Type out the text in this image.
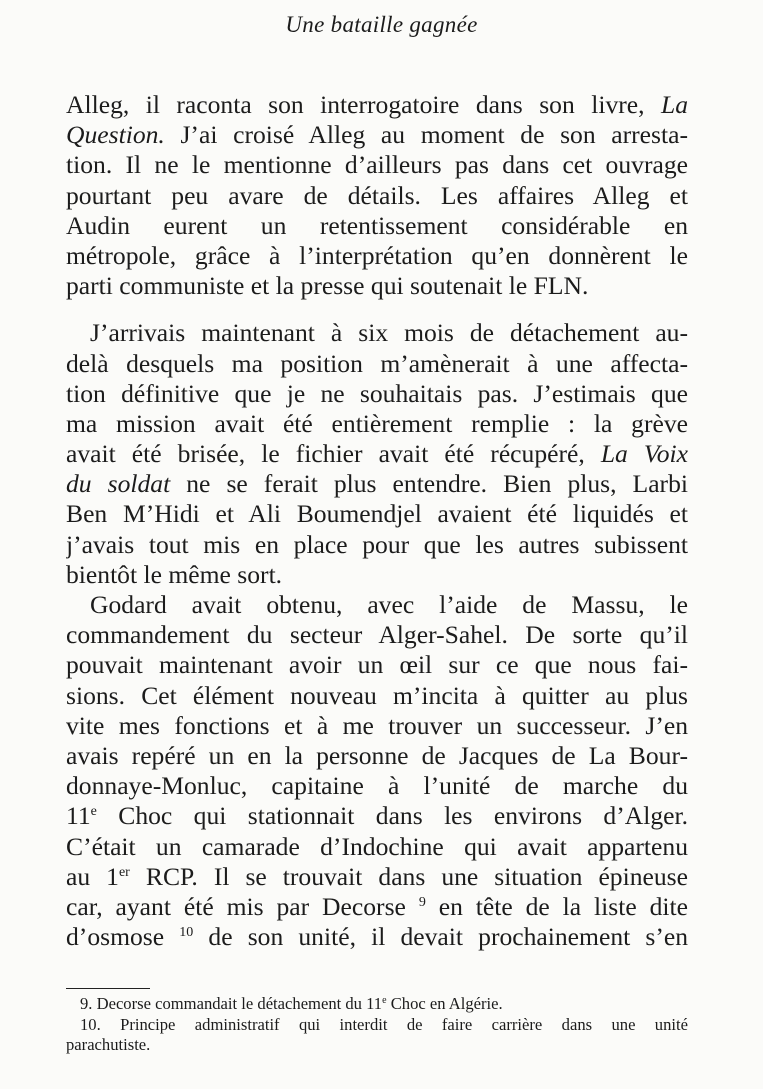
Une bataille gagnée
Alleg, il raconta son interrogatoire dans son livre, La
Question. J’ai croisé Alleg au moment de son arresta-
tion. Il ne le mentionne d’ailleurs pas dans cet ouvrage
pourtant peu avare de détails. Les affaires Alleg et
Audin eurent un retentissement considérable en
métropole, grâce à l’interprétation qu’en donnèrent le
parti communiste et la presse qui soutenait le FLN.
J’arrivais maintenant à six mois de détachement au-
delà desquels ma position m’amènerait à une affecta-
tion définitive que je ne souhaitais pas. J’estimais que
ma mission avait été entièrement remplie : la grève
avait été brisée, le fichier avait été récupéré, La Voix
du soldat ne se ferait plus entendre. Bien plus, Larbi
Ben M’Hidi et Ali Boumendjel avaient été liquidés et
j’avais tout mis en place pour que les autres subissent
bientôt le même sort.
Godard avait obtenu, avec l’aide de Massu, le
commandement du secteur Alger-Sahel. De sorte qu’il
pouvait maintenant avoir un œil sur ce que nous fai-
sions. Cet élément nouveau m’incita à quitter au plus
vite mes fonctions et à me trouver un successeur. J’en
avais repéré un en la personne de Jacques de La Bour-
donnaye-Monluc, capitaine à l’unité de marche du
11e Choc qui stationnait dans les environs d’Alger.
C’était un camarade d’Indochine qui avait appartenu
au 1er RCP. Il se trouvait dans une situation épineuse
car, ayant été mis par Decorse $^9$ en tête de la liste dite
d’osmose $^{10}$ de son unité, il devait prochainement s’en
9. Decorse commandait le détachement du 11e Choc en Algérie.
10. Principe administratif qui interdit de faire carrière dans une unité
parachutiste.
